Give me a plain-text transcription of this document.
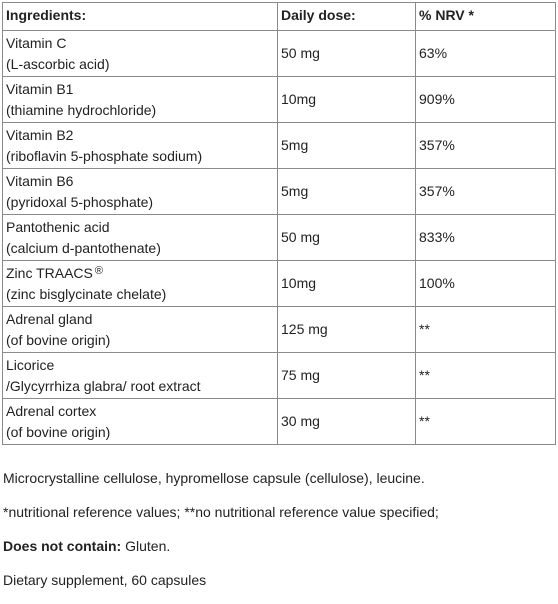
Ingredients:	Daily dose:	% NRV *

Vitamin C
(L-ascorbic acid)	50 mg	63%

Vitamin B1
(thiamine hydrochloride)	10mg	909%

Vitamin B2
(riboflavin 5-phosphate sodium)	5mg	357%

Vitamin B6
(pyridoxal 5-phosphate)	5mg	357%

Pantothenic acid
(calcium d-pantothenate)	50 mg	833%

Zinc TRAACS ®
(zinc bisglycinate chelate)	10mg	100%

Adrenal gland
(of bovine origin)	125 mg	**

Licorice
/Glycyrrhiza glabra/ root extract	75 mg	**

Adrenal cortex
(of bovine origin)	30 mg	**

Microcrystalline cellulose, hypromellose capsule (cellulose), leucine.

*nutritional reference values; **no nutritional reference value specified;

Does not contain: Gluten.

Dietary supplement, 60 capsules
